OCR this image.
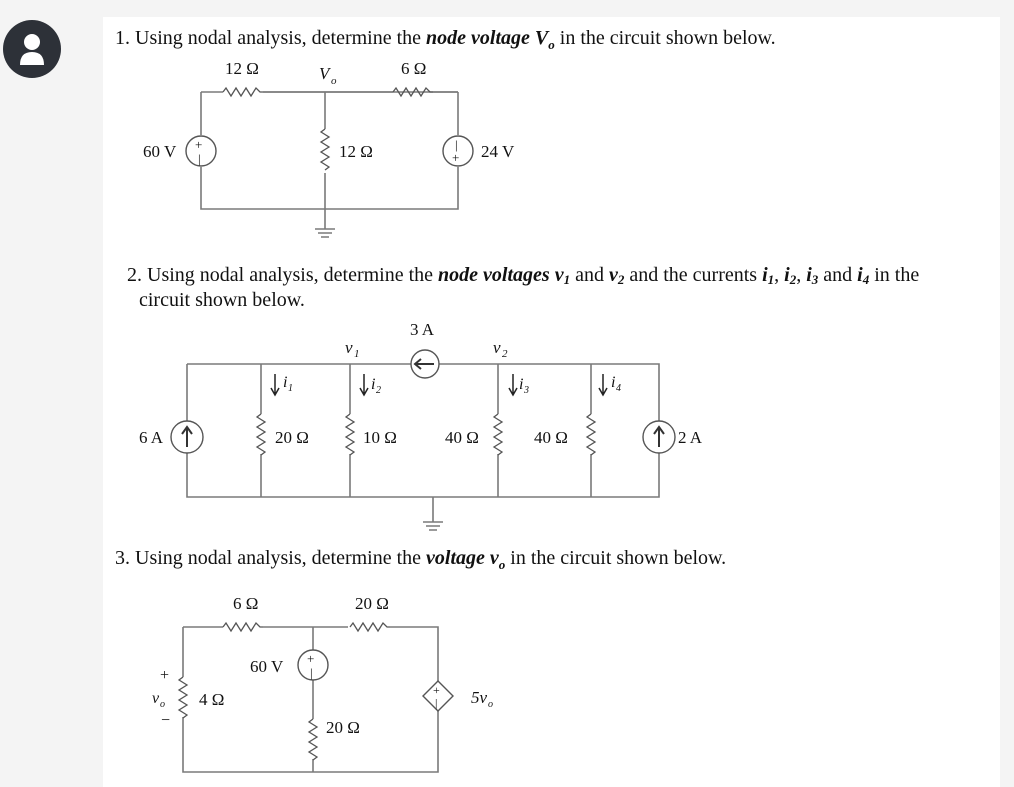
1. Using nodal analysis, determine the node voltage $V_o$ in the circuit shown below.
2. Using nodal analysis, determine the node voltages v1 and v2 and the currents i1, i2, i3 and i4 in the
circuit shown below.
3. Using nodal analysis, determine the voltage $v_o$ in the circuit shown below.
+
|
|
+
12 Ω	6 Ω
V o
60 V	12 Ω	24 V
3 A
v 1	v 2
i 1	i 2	i 3	i 4
6 A	20 Ω	10 Ω	40 Ω	40 Ω	2 A
+
|
+
|
6 Ω	20 Ω
60 V
+
v o
−
4 Ω	5v o
20 Ω
